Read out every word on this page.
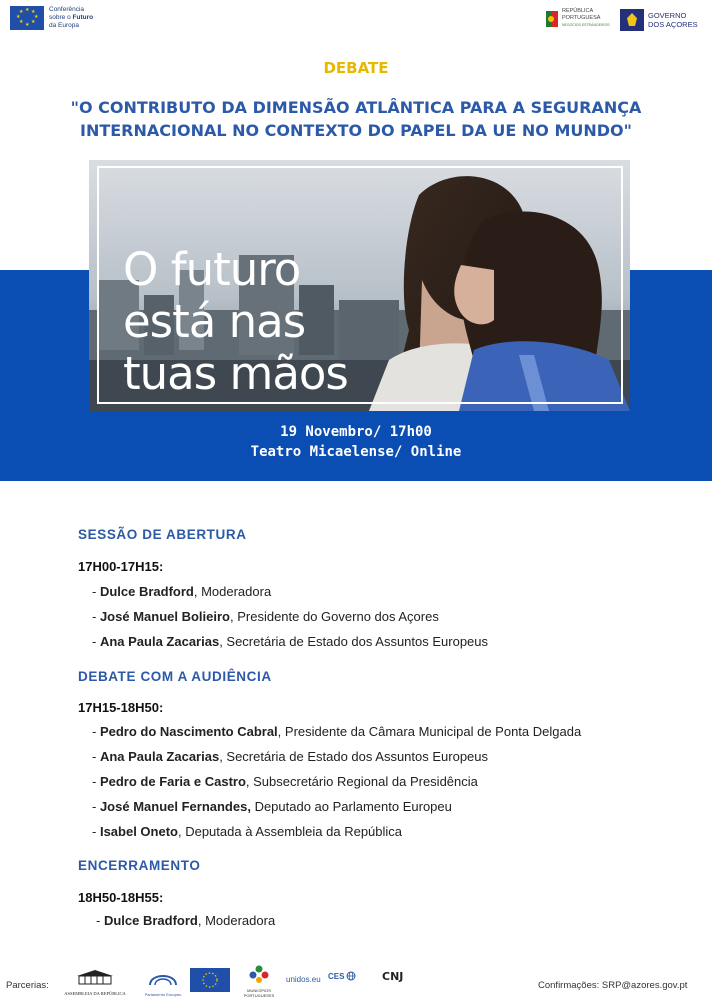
★ ★
★
★
★
★
★
★	Conferência
sobre o Futuro
da Europa
REPÚBLICA
PORTUGUESA
NEGÓCIOS ESTRANGEIROS
GOVERNO
DOS AÇORES
DEBATE
"O CONTRIBUTO DA DIMENSÃO ATLÂNTICA PARA A SEGURANÇA INTERNACIONAL NO CONTEXTO DO PAPEL DA UE NO MUNDO"
O futuro
está nas
tuas mãos
19 Novembro/ 17h00
Teatro Micaelense/ Online
SESSÃO DE ABERTURA
17H00-17H15:
- Dulce Bradford, Moderadora
- José Manuel Bolieiro, Presidente do Governo dos Açores
- Ana Paula Zacarias, Secretária de Estado dos Assuntos Europeus
DEBATE COM A AUDIÊNCIA
17H15-18H50:
- Pedro do Nascimento Cabral, Presidente da Câmara Municipal de Ponta Delgada
- Ana Paula Zacarias, Secretária de Estado dos Assuntos Europeus
- Pedro de Faria e Castro, Subsecretário Regional da Presidência
- José Manuel Fernandes, Deputado ao Parlamento Europeu
- Isabel Oneto, Deputada à Assembleia da República
ENCERRAMENTO
18H50-18H55:
- Dulce Bradford, Moderadora
Parcerias:
ASSEMBLEIA DA REPÚBLICA	Parlamento Europeu
MUNICÍPIOS PORTUGUESES
unidos.eu CES	CNJ
Confirmações: SRP@azores.gov.pt
